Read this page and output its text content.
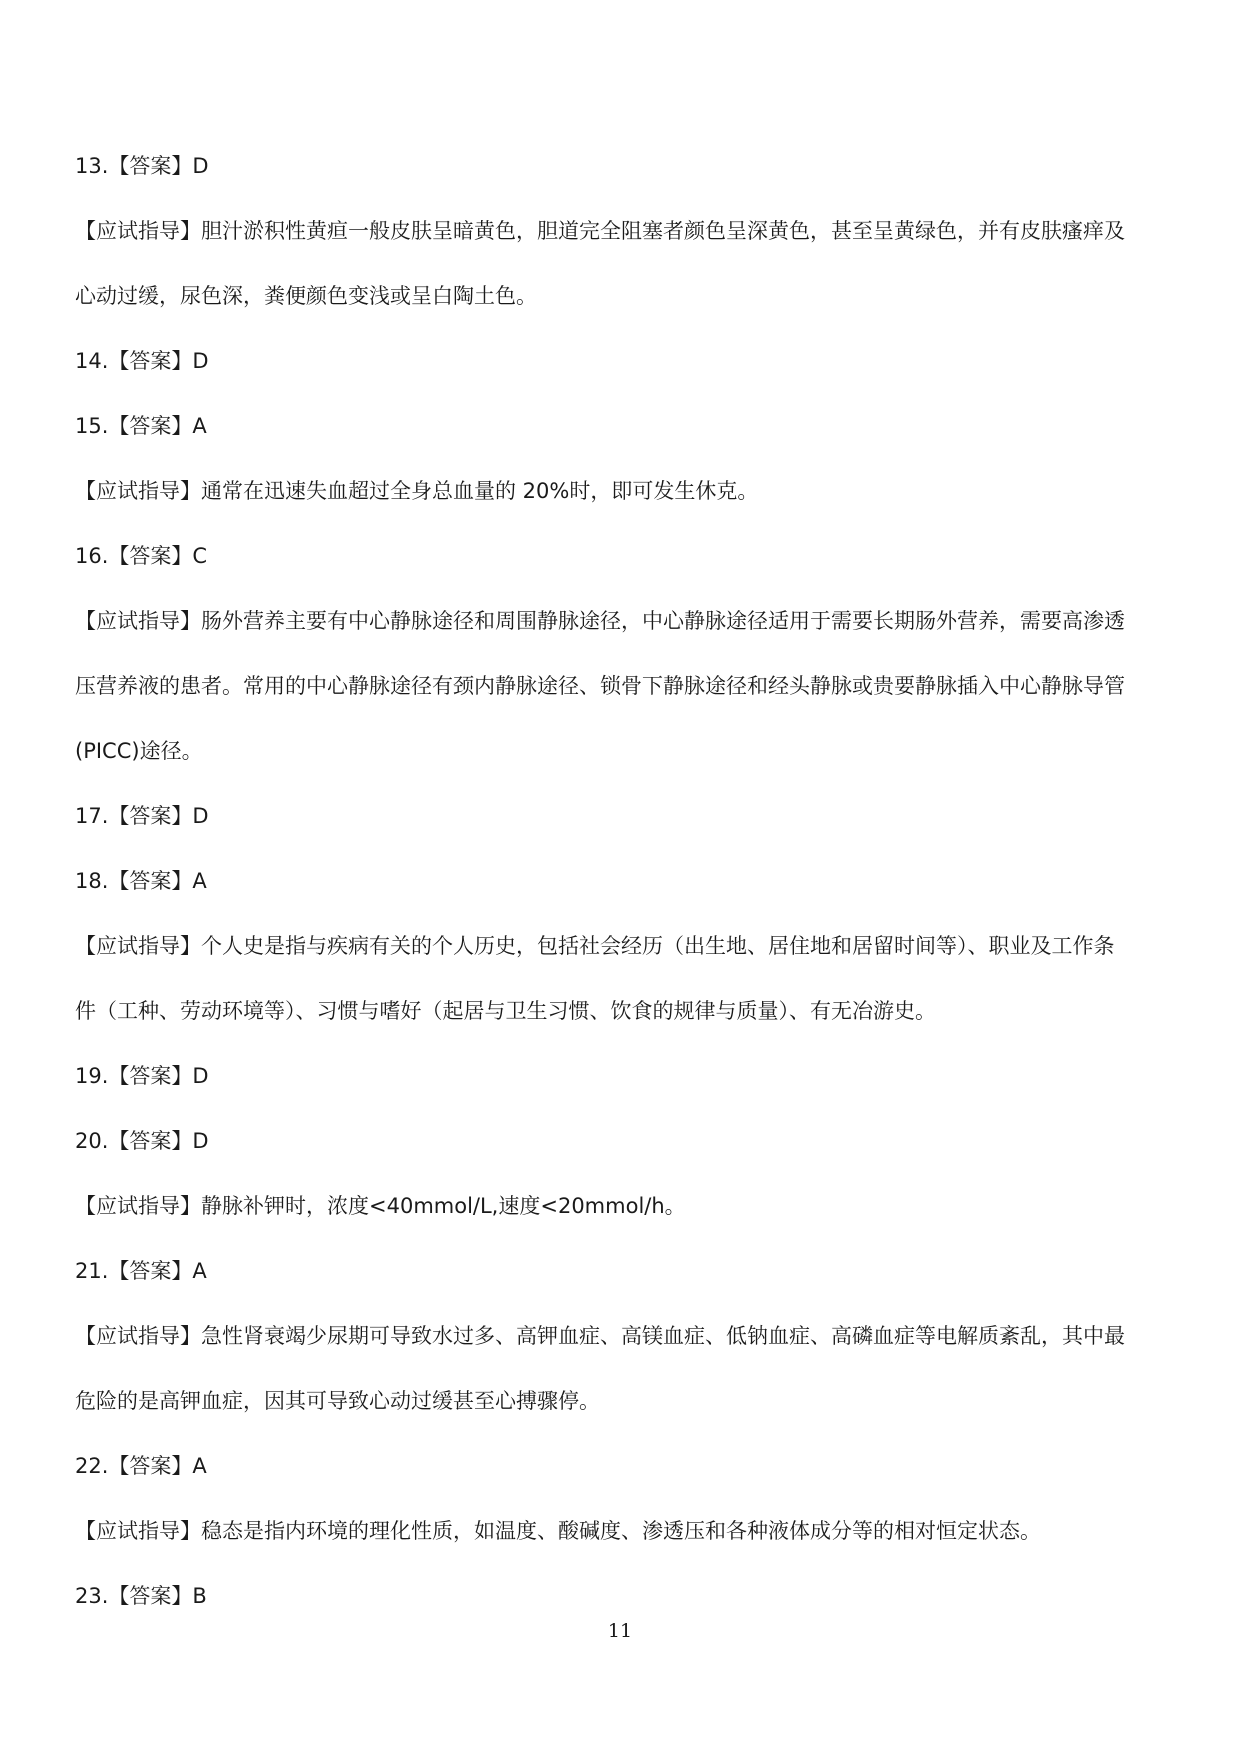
13.【答案】D
【应试指导】胆汁淤积性黄疸一般皮肤呈暗黄色，胆道完全阻塞者颜色呈深黄色，甚至呈黄绿色，并有皮肤瘙痒及
心动过缓，尿色深，粪便颜色变浅或呈白陶土色。
14.【答案】D
15.【答案】A
【应试指导】通常在迅速失血超过全身总血量的 20%时，即可发生休克。
16.【答案】C
【应试指导】肠外营养主要有中心静脉途径和周围静脉途径，中心静脉途径适用于需要长期肠外营养，需要高渗透
压营养液的患者。常用的中心静脉途径有颈内静脉途径、锁骨下静脉途径和经头静脉或贵要静脉插入中心静脉导管
(PICC)途径。
17.【答案】D
18.【答案】A
【应试指导】个人史是指与疾病有关的个人历史，包括社会经历（出生地、居住地和居留时间等）、职业及工作条
件（工种、劳动环境等）、习惯与嗜好（起居与卫生习惯、饮食的规律与质量）、有无冶游史。
19.【答案】D
20.【答案】D
【应试指导】静脉补钾时，浓度<40mmol/L,速度<20mmol/h。
21.【答案】A
【应试指导】急性肾衰竭少尿期可导致水过多、高钾血症、高镁血症、低钠血症、高磷血症等电解质紊乱，其中最
危险的是高钾血症，因其可导致心动过缓甚至心搏骤停。
22.【答案】A
【应试指导】稳态是指内环境的理化性质，如温度、酸碱度、渗透压和各种液体成分等的相对恒定状态。
23.【答案】B
11
